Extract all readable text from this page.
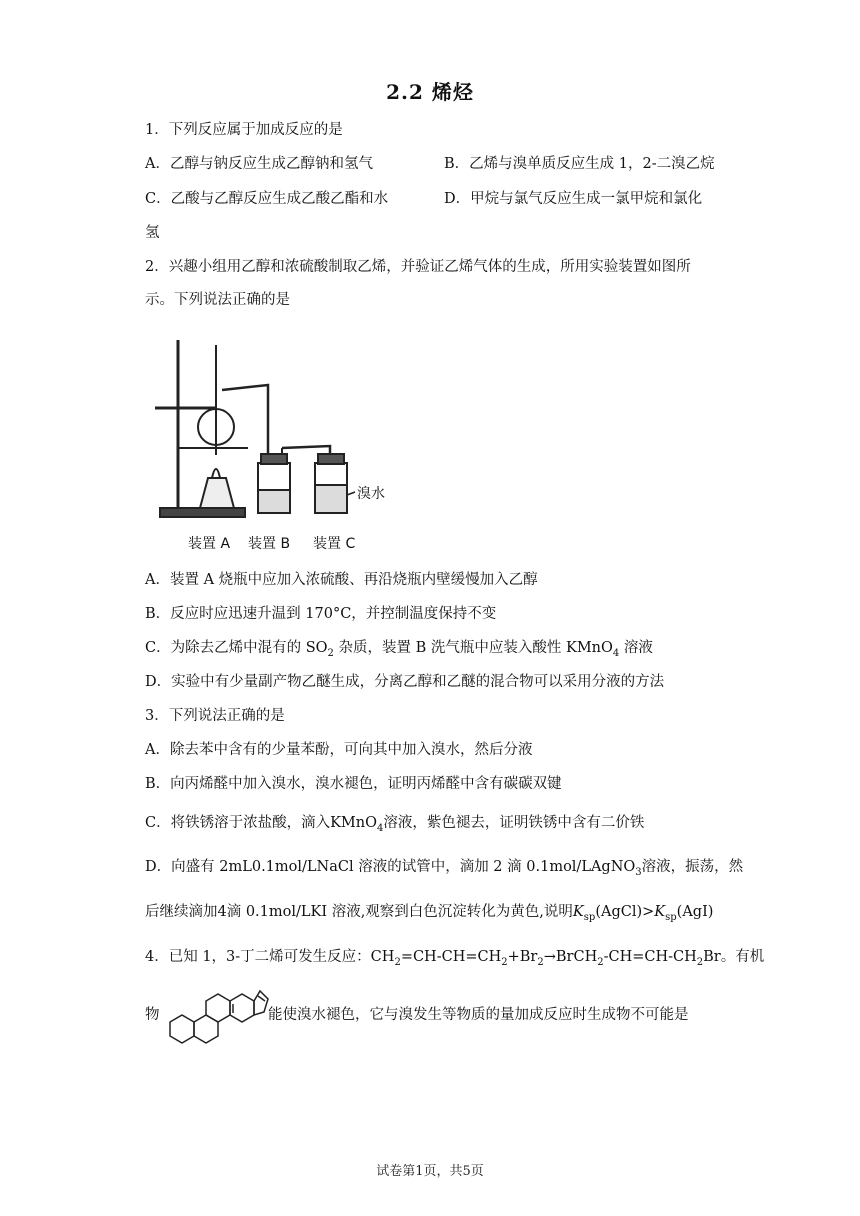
2.2 烯烃
1．下列反应属于加成反应的是
A．乙醇与钠反应生成乙醇钠和氢气	B．乙烯与溴单质反应生成 1，2-二溴乙烷
C．乙酸与乙醇反应生成乙酸乙酯和水	D．甲烷与氯气反应生成一氯甲烷和氯化
氢
2．兴趣小组用乙醇和浓硫酸制取乙烯，并验证乙烯气体的生成，所用实验装置如图所
示。下列说法正确的是
溴水
装置 A 装置 B 装置 C
A．装置 A 烧瓶中应加入浓硫酸、再沿烧瓶内壁缓慢加入乙醇
B．反应时应迅速升温到 170°C，并控制温度保持不变
C．为除去乙烯中混有的 $SO_2$ 杂质，装置 B 洗气瓶中应装入酸性 KMnO$_4$ 溶液
D．实验中有少量副产物乙醚生成，分离乙醇和乙醚的混合物可以采用分液的方法
3．下列说法正确的是
A．除去苯中含有的少量苯酚，可向其中加入溴水，然后分液
B．向丙烯醛中加入溴水，溴水褪色，证明丙烯醛中含有碳碳双键
C．将铁锈溶于浓盐酸，滴入KMnO$_4$溶液，紫色褪去，证明铁锈中含有二价铁
D．向盛有 2mL0.1mol/LNaCl 溶液的试管中，滴加 2 滴 0.1mol/LAgNO$_3$溶液，振荡，然
后继续滴加4滴 0.1mol/LKI 溶液,观察到白色沉淀转化为黄色,说明$K_{sp}(AgCl)>K_{sp}(AgI)$
4．已知 1，3-丁二烯可发生反应：$CH_2=CH-CH=CH_2+Br_2\to BrCH_2-CH=CH-CH_2Br$。有机
物	能使溴水褪色，它与溴发生等物质的量加成反应时生成物不可能是
试卷第1页，共5页
